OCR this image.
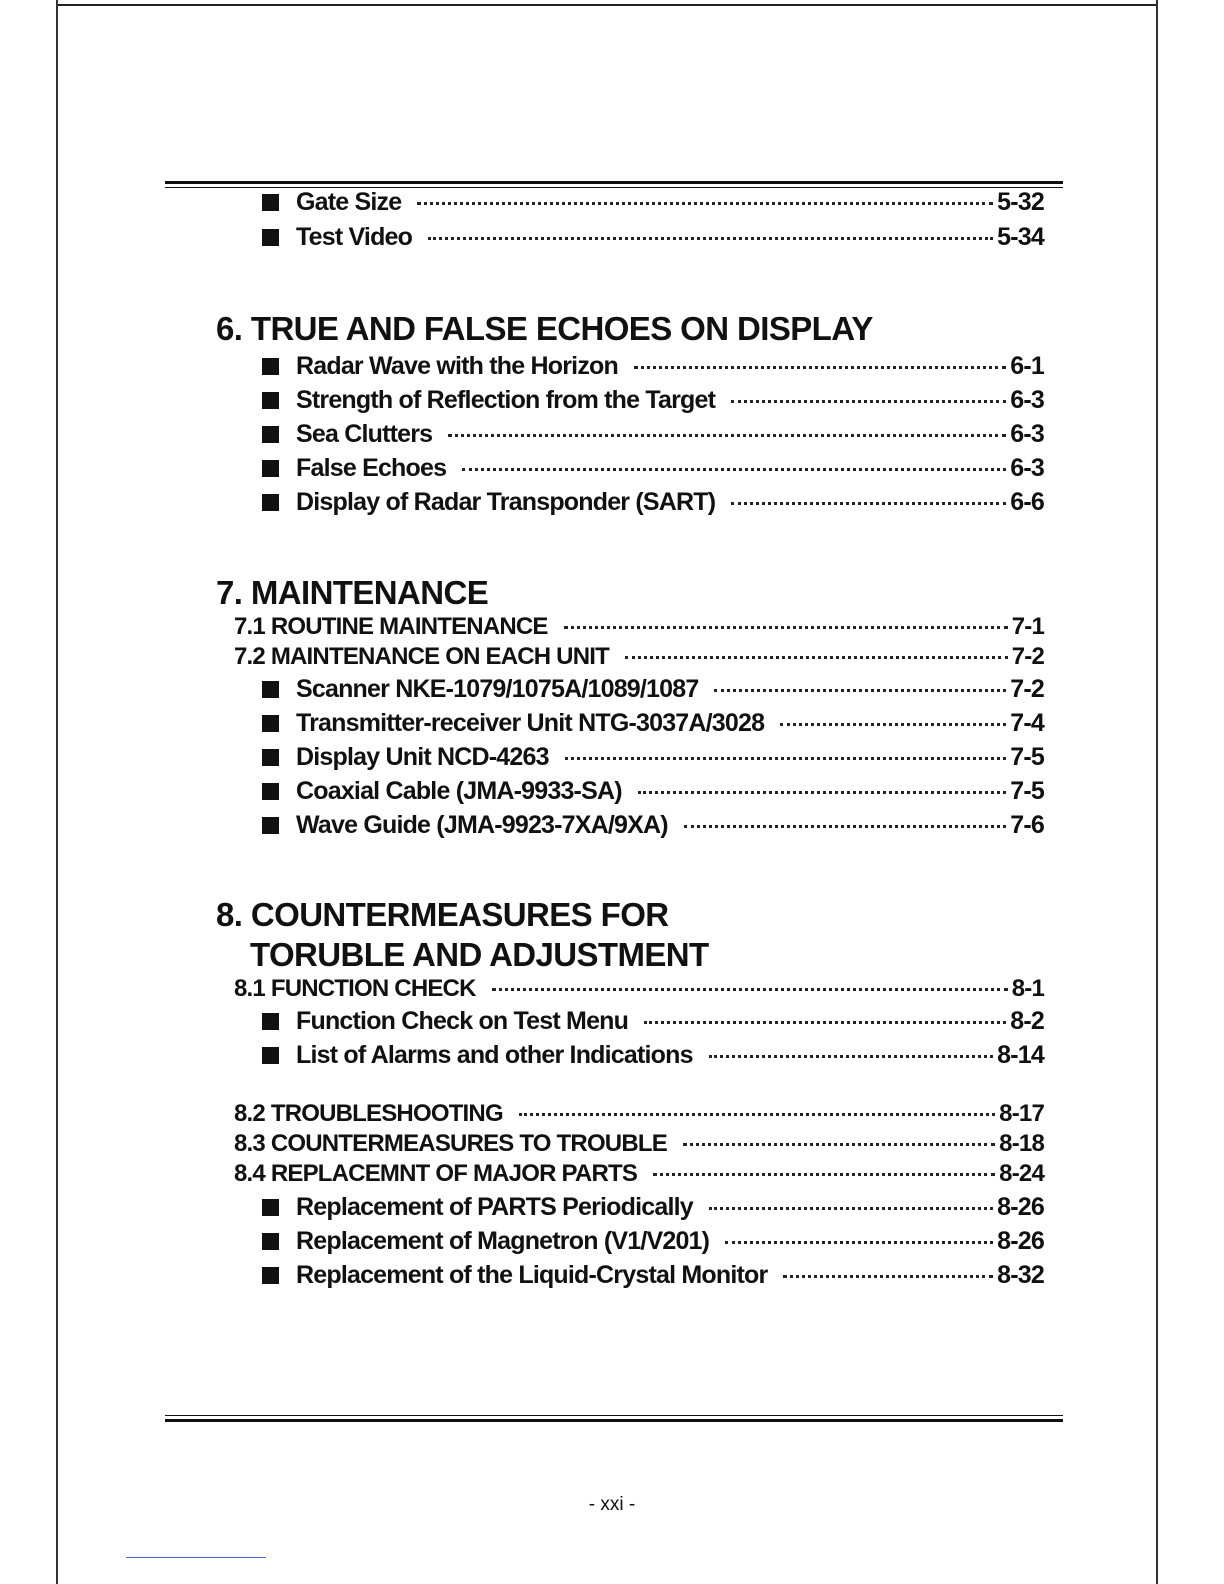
Gate Size	5-32
Test Video	5-34
6. TRUE AND FALSE ECHOES ON DISPLAY
Radar Wave with the Horizon	6-1
Strength of Reflection from the Target	6-3
Sea Clutters	6-3
False Echoes	6-3
Display of Radar Transponder (SART)	6-6
7. MAINTENANCE
7.1 ROUTINE MAINTENANCE	7-1
7.2 MAINTENANCE ON EACH UNIT	7-2
Scanner NKE-1079/1075A/1089/1087	7-2
Transmitter-receiver Unit NTG-3037A/3028	7-4
Display Unit NCD-4263	7-5
Coaxial Cable (JMA-9933-SA)	7-5
Wave Guide (JMA-9923-7XA/9XA)	7-6
8. COUNTERMEASURES FOR
TORUBLE AND ADJUSTMENT
8.1 FUNCTION CHECK	8-1
Function Check on Test Menu	8-2
List of Alarms and other Indications	8-14
8.2 TROUBLESHOOTING	8-17
8.3 COUNTERMEASURES TO TROUBLE	8-18
8.4 REPLACEMNT OF MAJOR PARTS	8-24
Replacement of PARTS Periodically	8-26
Replacement of Magnetron (V1/V201)	8-26
Replacement of the Liquid-Crystal Monitor	8-32
- xxi -
